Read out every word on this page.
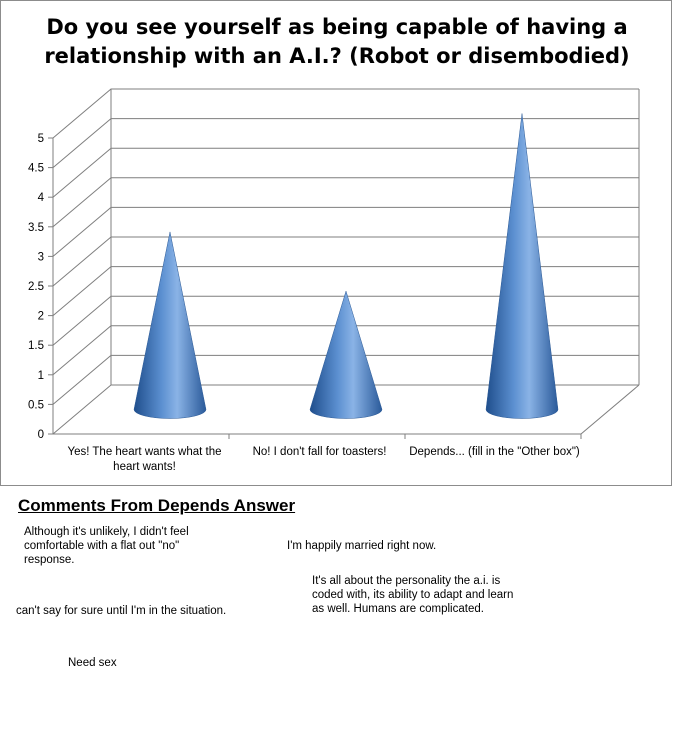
Do you see yourself as being capable of having a relationship with an A.I.? (Robot or disembodied)
0
0.5
1
1.5
2
2.5
3
3.5
4
4.5
5
Yes! The heart wants what the heart wants!
No! I don't fall for toasters!	Depends... (fill in the "Other box")
Comments From Depends Answer
Although it's unlikely, I didn't feel comfortable with a flat out "no" response.
I'm happily married right now.
It's all about the personality the a.i. is coded with, its ability to adapt and learn as well. Humans are complicated.
can't say for sure until I'm in the situation.
Need sex
